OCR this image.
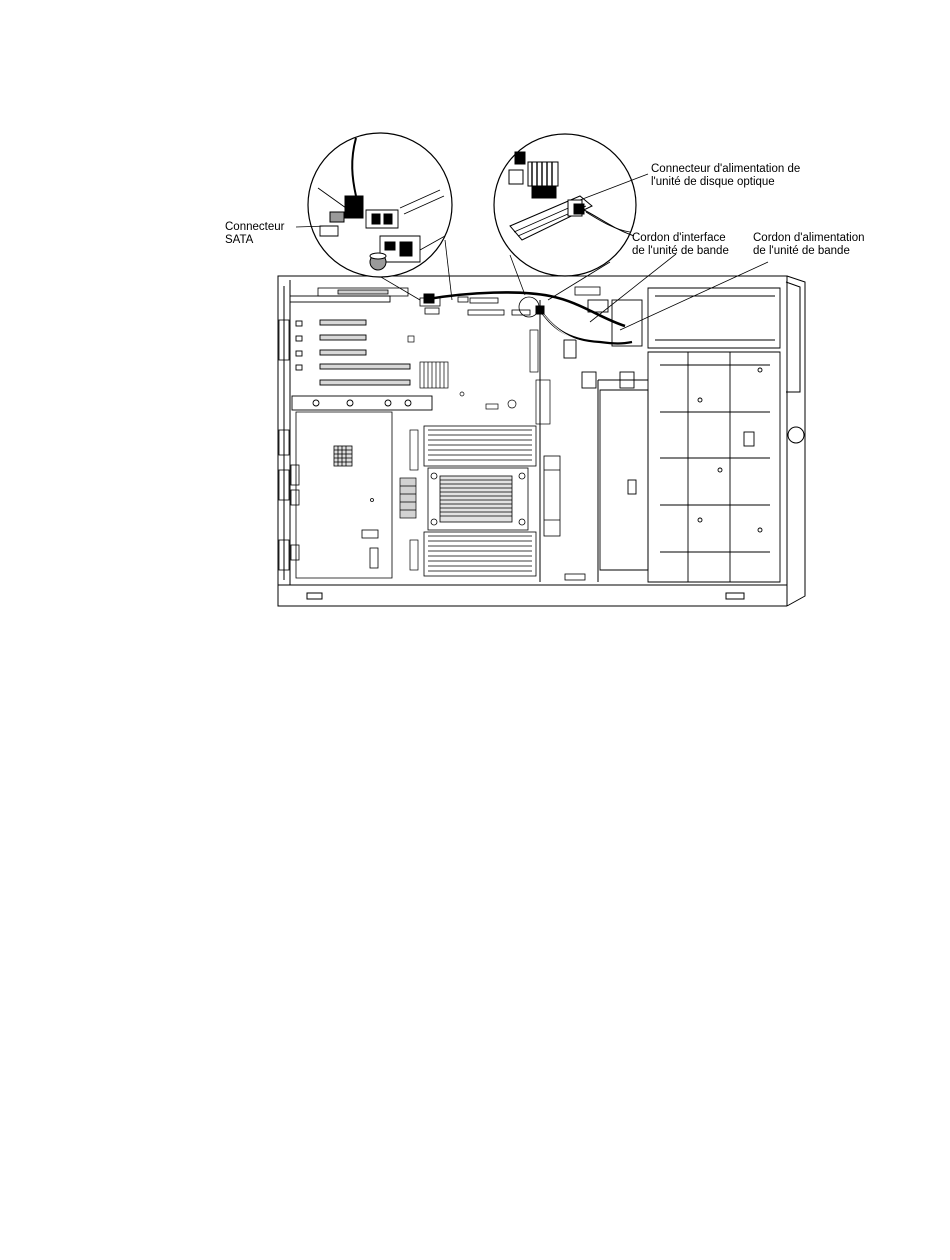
Connecteur
SATA
Connecteur d'alimentation de
l'unité de disque optique
Cordon d'interface
de l'unité de bande
Cordon d'alimentation
de l'unité de bande
